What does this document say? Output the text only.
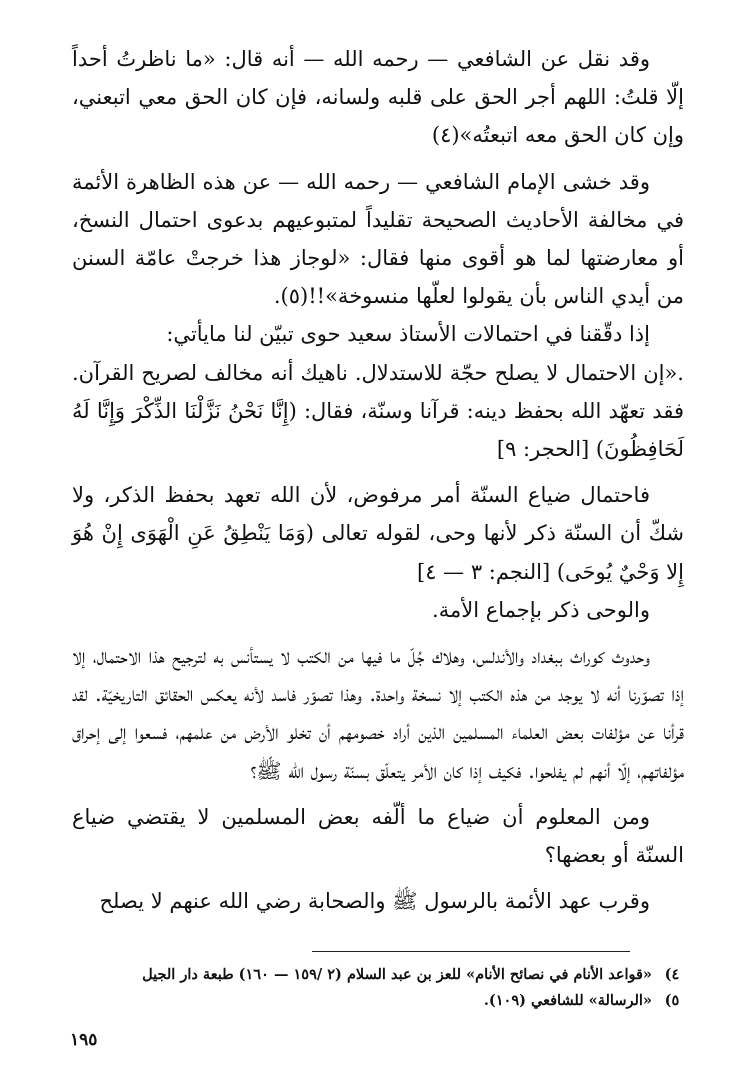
وقد نقل عن الشافعي — رحمه الله — أنه قال: «ما ناظرتُ أحداً إلّا قلتُ: اللهم أجر الحق على قلبه ولسانه، فإن كان الحق معي اتبعني، وإن كان الحق معه اتبعتُه»(٤)

وقد خشى الإمام الشافعي — رحمه الله — عن هذه الظاهرة الأئمة في مخالفة الأحاديث الصحيحة تقليداً لمتبوعيهم بدعوى احتمال النسخ، أو معارضتها لما هو أقوى منها فقال: «لوجاز هذا خرجتْ عامّة السنن من أيدي الناس بأن يقولوا لعلّها منسوخة»!!(٥).

إذا دقّقنا في احتمالات الأستاذ سعيد حوى تبيّن لنا مايأتي:

.«إن الاحتمال لا يصلح حجّة للاستدلال. ناهيك أنه مخالف لصريح القرآن. فقد تعهّد الله بحفظ دينه: قرآنا وسنّة، فقال: (إِنَّا نَحْنُ نَزَّلْنَا الذِّكْرَ وَإِنَّا لَهُ لَحَافِظُونَ) [الحجر: ٩]

فاحتمال ضياع السنّة أمر مرفوض، لأن الله تعهد بحفظ الذكر، ولا شكّ أن السنّة ذكر لأنها وحى، لقوله تعالى (وَمَا يَنْطِقُ عَنِ الْهَوَى إِنْ هُوَ إِلا وَحْيٌ يُوحَى) [النجم: ٣ — ٤]

والوحى ذكر بإجماع الأمة.

وحدوث كوراث ببغداد والأندلس، وهلاك جُلّ ما فيها من الكتب لا يستأنس به لترجيح هذا الاحتمال، إلا إذا تصوّرنا أنه لا يوجد من هذه الكتب إلا نسخة واحدة. وهذا تصوّر فاسد لأنه يعكس الحقائق التاريخيّة. لقد قرأنا عن مؤلفات بعض العلماء المسلمين الذين أراد خصومهم أن تخلو الأرض من علمهم، فسعوا إلى إحراق مؤلفاتهم، إلّا أنهم لم يفلحوا. فكيف إذا كان الأمر يتعلّق بسنّة رسول الله ﷺ؟

ومن المعلوم أن ضياع ما ألّفه بعض المسلمين لا يقتضي ضياع السنّة أو بعضها؟

وقرب عهد الأئمة بالرسول ﷺ والصحابة رضي الله عنهم لا يصلح

٤)
«قواعد الأنام في نصائح الأنام» للعز بن عبد السلام (٢ /١٥٩ — ١٦٠) طبعة دار الجيل
٥)
«الرسالة» للشافعي (١٠٩).
١٩٥
